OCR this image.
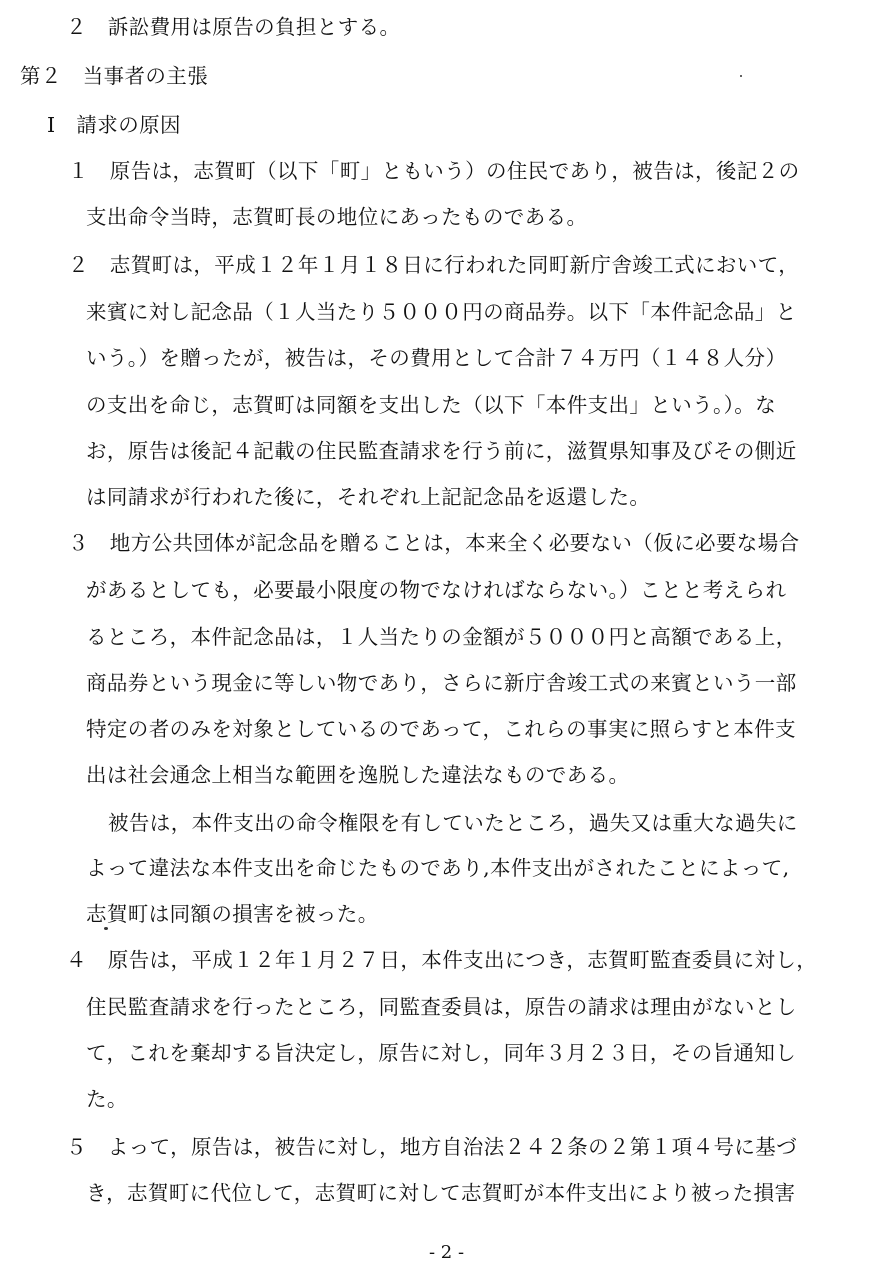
２　訴訟費用は原告の負担とする。
第２　当事者の主張
Ⅰ　請求の原因
１　原告は，志賀町（以下「町」ともいう）の住民であり，被告は，後記２の
支出命令当時，志賀町長の地位にあったものである。
２　志賀町は，平成１２年１月１８日に行われた同町新庁舎竣工式において，
来賓に対し記念品（１人当たり５０００円の商品券。以下「本件記念品」と
いう。）を贈ったが，被告は，その費用として合計７４万円（１４８人分）
の支出を命じ，志賀町は同額を支出した（以下「本件支出」という。）。な
お，原告は後記４記載の住民監査請求を行う前に，滋賀県知事及びその側近
は同請求が行われた後に，それぞれ上記記念品を返還した。
３　地方公共団体が記念品を贈ることは，本来全く必要ない（仮に必要な場合
があるとしても，必要最小限度の物でなければならない。）ことと考えられ
るところ，本件記念品は，１人当たりの金額が５０００円と高額である上，
商品券という現金に等しい物であり，さらに新庁舎竣工式の来賓という一部
特定の者のみを対象としているのであって，これらの事実に照らすと本件支
出は社会通念上相当な範囲を逸脱した違法なものである。
被告は，本件支出の命令権限を有していたところ，過失又は重大な過失に
よって違法な本件支出を命じたものであり,本件支出がされたことによって,
志賀町は同額の損害を被った。
４　原告は，平成１２年１月２７日，本件支出につき，志賀町監査委員に対し，
住民監査請求を行ったところ，同監査委員は，原告の請求は理由がないとし
て，これを棄却する旨決定し，原告に対し，同年３月２３日，その旨通知し
た。
５　よって，原告は，被告に対し，地方自治法２４２条の２第１項４号に基づ
き，志賀町に代位して，志賀町に対して志賀町が本件支出により被った損害
- 2 -
